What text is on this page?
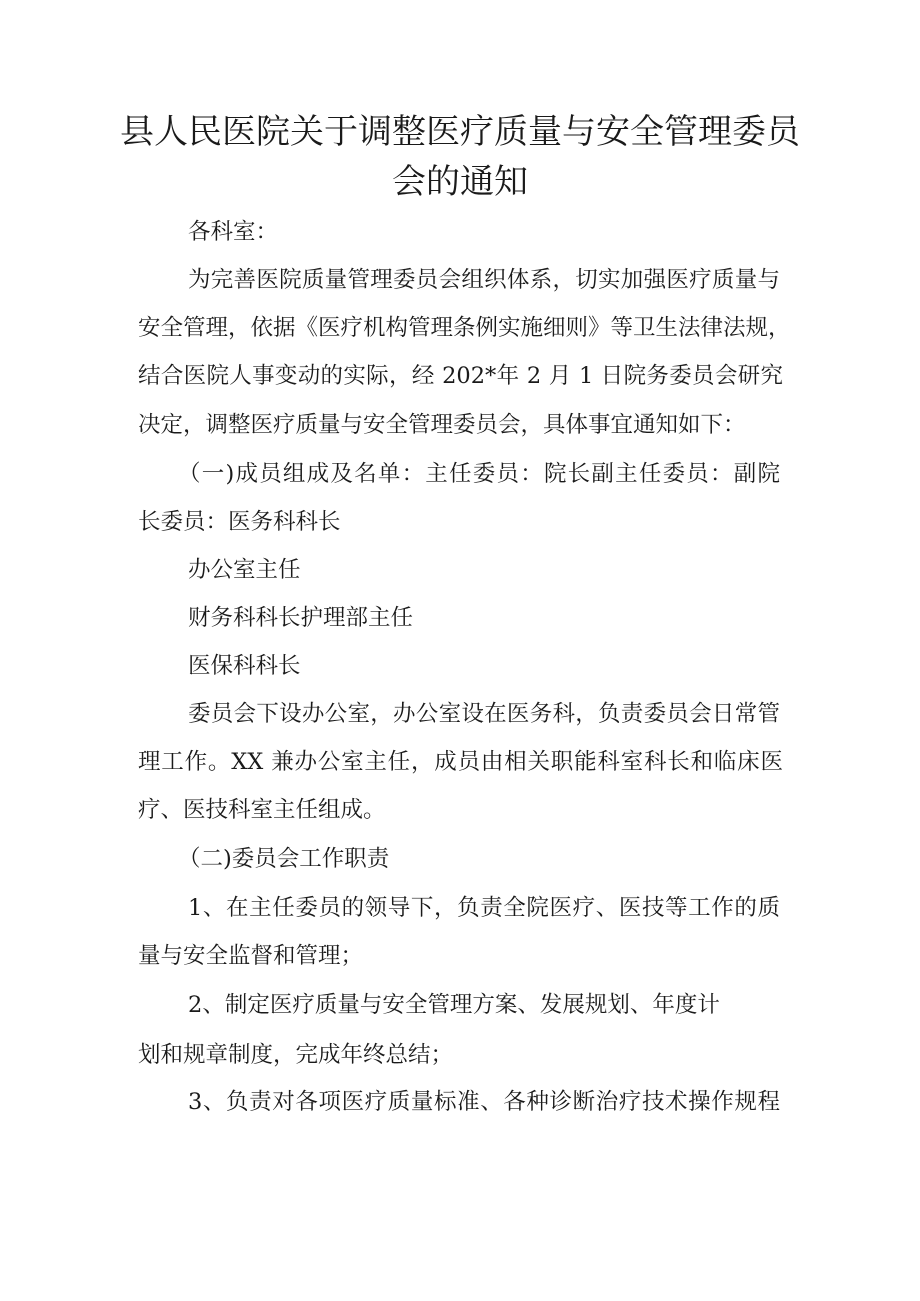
县人民医院关于调整医疗质量与安全管理委员
会的通知

各科室：

为完善医院质量管理委员会组织体系，切实加强医疗质量与

安全管理，依据《医疗机构管理条例实施细则》等卫生法律法规，

结合医院人事变动的实际，经 202*年 2 月 1 日院务委员会研究

决定，调整医疗质量与安全管理委员会，具体事宜通知如下：

（一)成员组成及名单：主任委员：院长副主任委员：副院

长委员：医务科科长

办公室主任

财务科科长护理部主任

医保科科长

委员会下设办公室，办公室设在医务科，负责委员会日常管

理工作。XX 兼办公室主任，成员由相关职能科室科长和临床医

疗、医技科室主任组成。

（二)委员会工作职责

1、在主任委员的领导下，负责全院医疗、医技等工作的质

量与安全监督和管理；

2、制定医疗质量与安全管理方案、发展规划、年度计

划和规章制度，完成年终总结；

3、负责对各项医疗质量标准、各种诊断治疗技术操作规程
